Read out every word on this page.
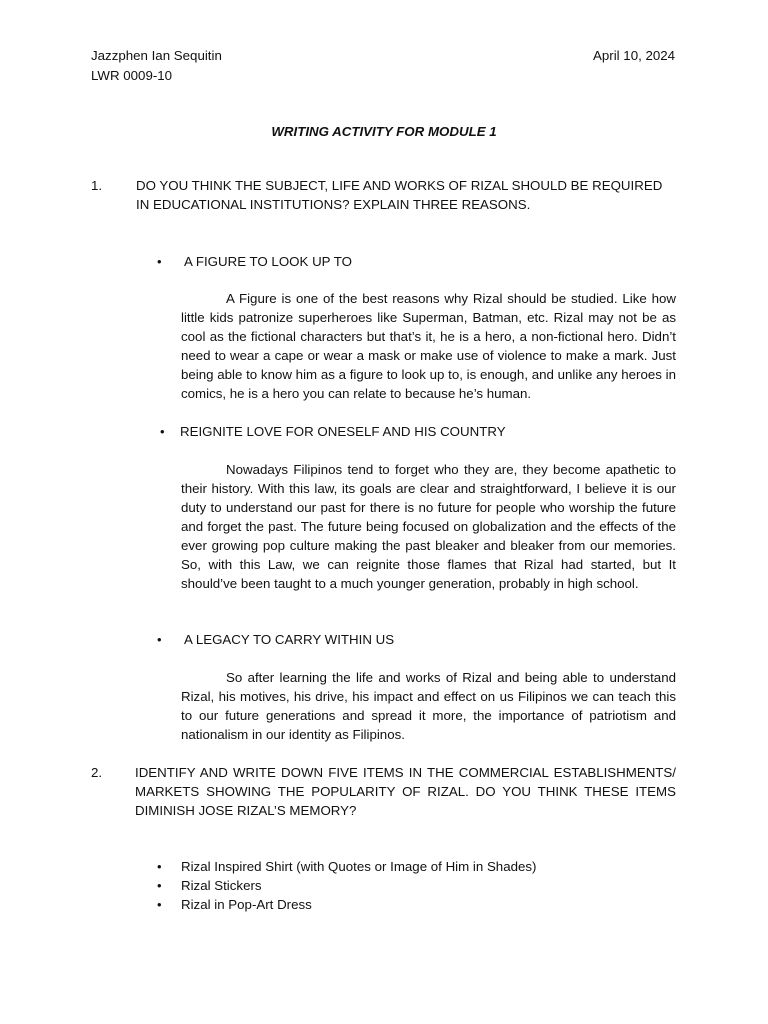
Jazzphen Ian Sequitin
LWR 0009-10
April 10, 2024
WRITING ACTIVITY FOR MODULE 1
1.	DO YOU THINK THE SUBJECT, LIFE AND WORKS OF RIZAL SHOULD BE REQUIRED IN EDUCATIONAL INSTITUTIONS? EXPLAIN THREE REASONS.
• A FIGURE TO LOOK UP TO
A Figure is one of the best reasons why Rizal should be studied. Like how little kids patronize superheroes like Superman, Batman, etc. Rizal may not be as cool as the fictional characters but that’s it, he is a hero, a non-fictional hero. Didn’t need to wear a cape or wear a mask or make use of violence to make a mark. Just being able to know him as a figure to look up to, is enough, and unlike any heroes in comics, he is a hero you can relate to because he’s human.
• REIGNITE LOVE FOR ONESELF AND HIS COUNTRY
Nowadays Filipinos tend to forget who they are, they become apathetic to their history. With this law, its goals are clear and straightforward, I believe it is our duty to understand our past for there is no future for people who worship the future and forget the past. The future being focused on globalization and the effects of the ever growing pop culture making the past bleaker and bleaker from our memories. So, with this Law, we can reignite those flames that Rizal had started, but It should’ve been taught to a much younger generation, probably in high school.
• A LEGACY TO CARRY WITHIN US
So after learning the life and works of Rizal and being able to understand Rizal, his motives, his drive, his impact and effect on us Filipinos we can teach this to our future generations and spread it more, the importance of patriotism and nationalism in our identity as Filipinos.
2. IDENTIFY AND WRITE DOWN FIVE ITEMS IN THE COMMERCIAL ESTABLISHMENTS/ MARKETS SHOWING THE POPULARITY OF RIZAL. DO YOU THINK THESE ITEMS DIMINISH JOSE RIZAL’S MEMORY?
•	Rizal Inspired Shirt (with Quotes or Image of Him in Shades)
•	Rizal Stickers
•	Rizal in Pop-Art Dress
